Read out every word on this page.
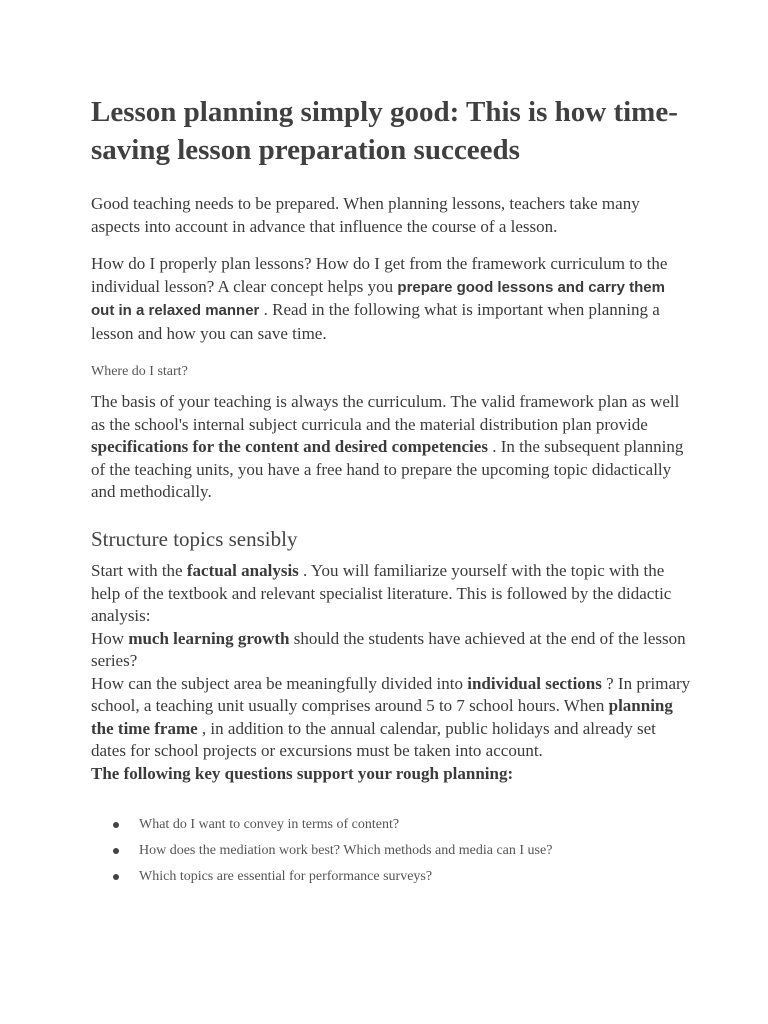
Lesson planning simply good: This is how time-saving lesson preparation succeeds

Good teaching needs to be prepared. When planning lessons, teachers take many aspects into account in advance that influence the course of a lesson.

How do I properly plan lessons? How do I get from the framework curriculum to the individual lesson? A clear concept helps you prepare good lessons and carry them out in a relaxed manner . Read in the following what is important when planning a lesson and how you can save time.

Where do I start?

The basis of your teaching is always the curriculum. The valid framework plan as well as the school's internal subject curricula and the material distribution plan provide specifications for the content and desired competencies . In the subsequent planning of the teaching units, you have a free hand to prepare the upcoming topic didactically and methodically.

Structure topics sensibly
Start with the factual analysis . You will familiarize yourself with the topic with the help of the textbook and relevant specialist literature. This is followed by the didactic analysis:
How much learning growth should the students have achieved at the end of the lesson series?
How can the subject area be meaningfully divided into individual sections ? In primary school, a teaching unit usually comprises around 5 to 7 school hours. When planning the time frame , in addition to the annual calendar, public holidays and already set dates for school projects or excursions must be taken into account.
The following key questions support your rough planning:
What do I want to convey in terms of content?
How does the mediation work best? Which methods and media can I use?
Which topics are essential for performance surveys?
